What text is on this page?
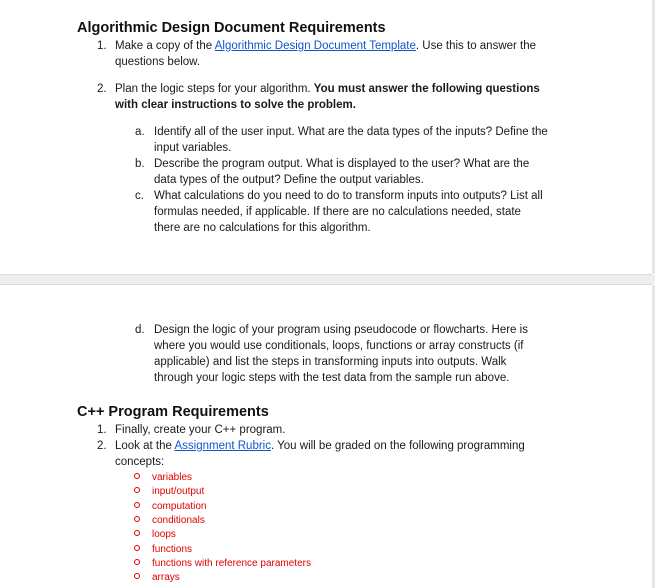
Algorithmic Design Document Requirements
1. Make a copy of the Algorithmic Design Document Template. Use this to answer the
questions below.
2. Plan the logic steps for your algorithm. You must answer the following questions
with clear instructions to solve the problem.
a. Identify all of the user input. What are the data types of the inputs? Define the
input variables.
b. Describe the program output. What is displayed to the user? What are the
data types of the output? Define the output variables.
c. What calculations do you need to do to transform inputs into outputs? List all
formulas needed, if applicable. If there are no calculations needed, state
there are no calculations for this algorithm.
d. Design the logic of your program using pseudocode or flowcharts. Here is
where you would use conditionals, loops, functions or array constructs (if
applicable) and list the steps in transforming inputs into outputs. Walk
through your logic steps with the test data from the sample run above.
C++ Program Requirements
1. Finally, create your C++ program.
2. Look at the Assignment Rubric. You will be graded on the following programming
concepts:
variables
input/output
computation
conditionals
loops
functions
functions with reference parameters
arrays
